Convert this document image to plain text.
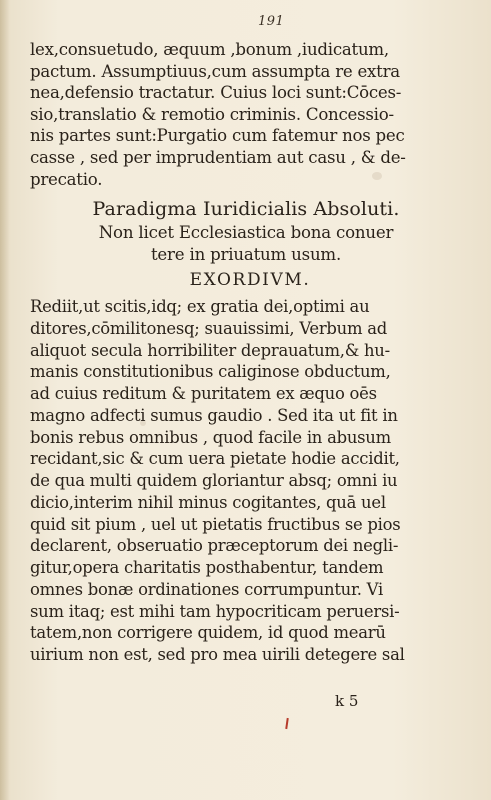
191
lex,consuetudo, æquum ,bonum ,iudicatum,
pactum. Assumptiuus,cum assumpta re extra
nea,defensio tractatur. Cuius loci sunt:Cōces-
sio,translatio & remotio criminis. Concessio-
nis partes sunt:Purgatio cum fatemur nos pec
casse , sed per imprudentiam aut casu , & de-
precatio.
Paradigma Iuridicialis Absoluti.
Non licet Ecclesiastica bona conuer
tere in priuatum usum.
EXORDIVM.
Rediit,ut scitis,idq; ex gratia dei,optimi au
ditores,cōmilitonesq; suauissimi, Verbum ad
aliquot secula horribiliter deprauatum,& hu-
manis constitutionibus caliginose obductum,
ad cuius reditum & puritatem ex æquo oēs
magno adfecti sumus gaudio . Sed ita ut fit in
bonis rebus omnibus , quod facile in abusum
recidant,sic & cum uera pietate hodie accidit,
de qua multi quidem gloriantur absq; omni iu
dicio,interim nihil minus cogitantes, quā uel
quid sit pium , uel ut pietatis fructibus se pios
declarent, obseruatio præceptorum dei negli-
gitur,opera charitatis posthabentur, tandem
omnes bonæ ordinationes corrumpuntur. Vi
sum itaq; est mihi tam hypocriticam peruersi-
tatem,non corrigere quidem, id quod mearū
uirium non est, sed pro mea uirili detegere sal
k 5
